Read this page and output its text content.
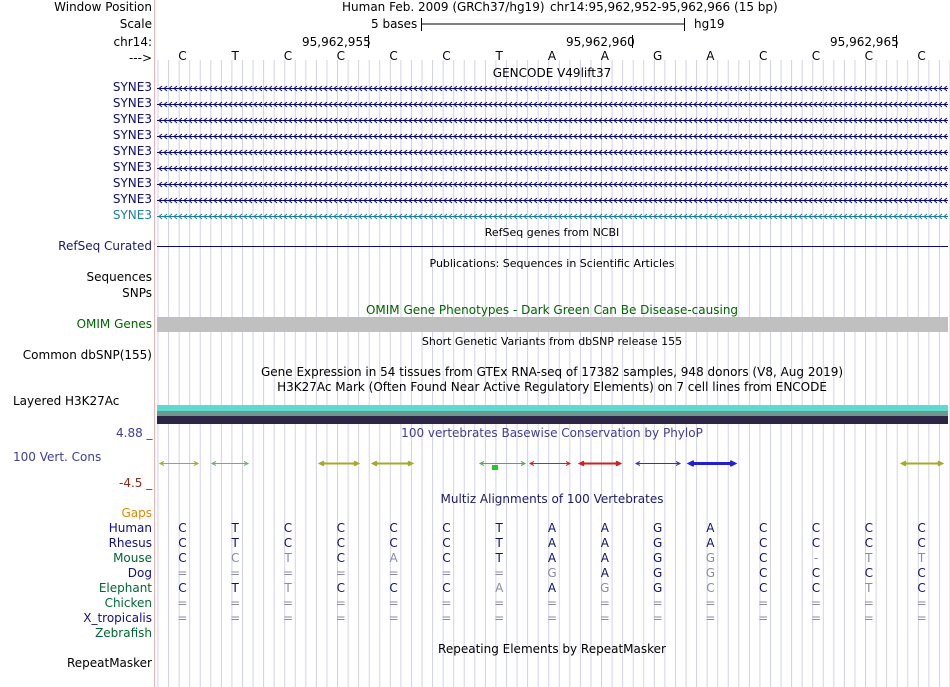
Window Position
Scale
chr14:
--->
Human Feb. 2009 (GRCh37/hg19) chr14:95,962,952-95,962,966 (15 bp)
5 bases	hg19
95,962,955	95,962,960	95,962,965
C	T	C	C	C	C	T	A	A	G	A	C	C	C	C
GENCODE V49lift37
SYNE3
SYNE3
SYNE3
SYNE3
SYNE3
SYNE3
SYNE3
SYNE3
SYNE3
RefSeq genes from NCBI
RefSeq Curated
Publications: Sequences in Scientific Articles
Sequences
SNPs
OMIM Gene Phenotypes - Dark Green Can Be Disease-causing
OMIM Genes
Short Genetic Variants from dbSNP release 155
Common dbSNP(155)
Gene Expression in 54 tissues from GTEx RNA-seq of 17382 samples, 948 donors (V8, Aug 2019)
H3K27Ac Mark (Often Found Near Active Regulatory Elements) on 7 cell lines from ENCODE
Layered H3K27Ac
4.88 _	100 vertebrates Basewise Conservation by PhyloP
100 Vert. Cons
-4.5 _
Multiz Alignments of 100 Vertebrates
Gaps
Human	C	T	C	C	C	C	T	A	A	G	A	C	C	C	C
Rhesus	C	T	C	C	C	C	T	A	A	G	A	C	C	C	C
Mouse	C	C	T	C	A	C	T	A	A	G	G	C	-	T	T
Dog	=	=	=	=	=	=	=	G	A	G	G	C	C	C	C
Elephant	C	T	T	C	C	C	A	A	G	G	C	C	C	T	C
Chicken	=	=	=	=	=	=	=	=	=	=	=	=	=	=	=
X_tropicalis	=	=	=	=	=	=	=	=	=	=	=	=	=	=	=
Zebrafish
Repeating Elements by RepeatMasker
RepeatMasker
